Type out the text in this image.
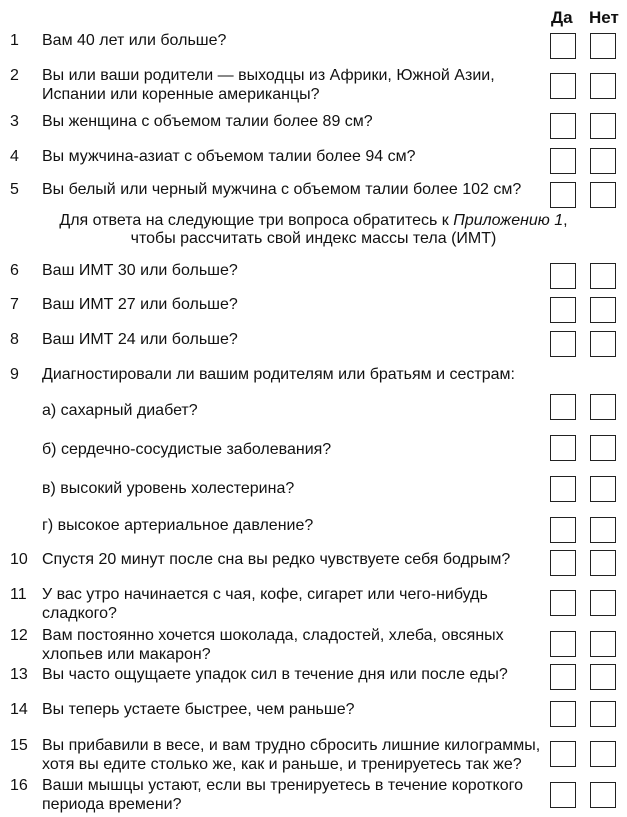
Да Нет
1	Вам 40 лет или больше?
2	Вы или ваши родители — выходцы из Африки, Южной Азии,
Испании или коренные американцы?
3	Вы женщина с объемом талии более 89 см?
4	Вы мужчина-азиат с объемом талии более 94 см?
5	Вы белый или черный мужчина с объемом талии более 102 см?
6	Ваш ИМТ 30 или больше?
7	Ваш ИМТ 27 или больше?
8	Ваш ИМТ 24 или больше?
9	Диагностировали ли вашим родителям или братьям и сестрам:
а) сахарный диабет?
б) сердечно-сосудистые заболевания?
в) высокий уровень холестерина?
г) высокое артериальное давление?
10 Спустя 20 минут после сна вы редко чувствуете себя бодрым?
11 У вас утро начинается с чая, кофе, сигарет или чего-нибудь
сладкого?
12 Вам постоянно хочется шоколада, сладостей, хлеба, овсяных
хлопьев или макарон?
13 Вы часто ощущаете упадок сил в течение дня или после еды?
14 Вы теперь устаете быстрее, чем раньше?
15 Вы прибавили в весе, и вам трудно сбросить лишние килограммы,
хотя вы едите столько же, как и раньше, и тренируетесь так же?
16 Ваши мышцы устают, если вы тренируетесь в течение короткого
периода времени?
Для ответа на следующие три вопроса обратитесь к Приложению 1,
чтобы рассчитать свой индекс массы тела (ИМТ)
